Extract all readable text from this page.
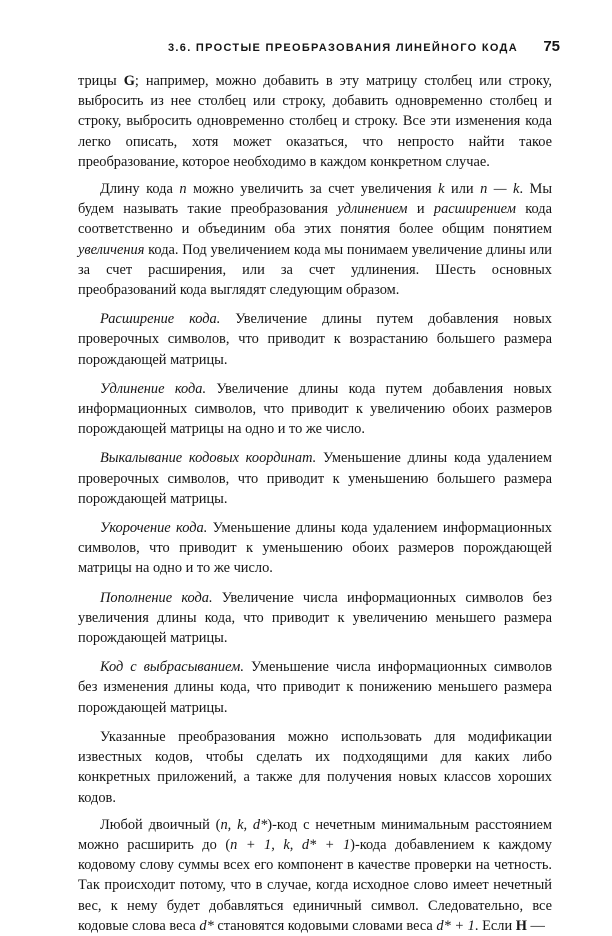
3.6. ПРОСТЫЕ ПРЕОБРАЗОВАНИЯ ЛИНЕЙНОГО КОДА 75

трицы G; например, можно добавить в эту матрицу столбец или строку, выбросить из нее столбец или строку, добавить одновременно столбец и строку, выбросить одновременно столбец и строку. Все эти изменения кода легко описать, хотя может оказаться, что непросто найти такое преобразование, которое необходимо в каждом конкретном случае.

Длину кода n можно увеличить за счет увеличения k или n — k. Мы будем называть такие преобразования удлинением и расширением кода соответственно и объединим оба этих понятия более общим понятием увеличения кода. Под увеличением кода мы понимаем увеличение длины или за счет расширения, или за счет удлинения. Шесть основных преобразований кода выглядят следующим образом.

Расширение кода. Увеличение длины путем добавления новых проверочных символов, что приводит к возрастанию большего размера порождающей матрицы.

Удлинение кода. Увеличение длины кода путем добавления новых информационных символов, что приводит к увеличению обоих размеров порождающей матрицы на одно и то же число.

Выкалывание кодовых координат. Уменьшение длины кода удалением проверочных символов, что приводит к уменьшению большего размера порождающей матрицы.

Укорочение кода. Уменьшение длины кода удалением информационных символов, что приводит к уменьшению обоих размеров порождающей матрицы на одно и то же число.

Пополнение кода. Увеличение числа информационных символов без увеличения длины кода, что приводит к увеличению меньшего размера порождающей матрицы.

Код с выбрасыванием. Уменьшение числа информационных символов без изменения длины кода, что приводит к понижению меньшего размера порождающей матрицы.

Указанные преобразования можно использовать для модификации известных кодов, чтобы сделать их подходящими для каких либо конкретных приложений, а также для получения новых классов хороших кодов.

Любой двоичный (n, k, d*)-код с нечетным минимальным расстоянием можно расширить до (n + 1, k, d* + 1)-кода добавлением к каждому кодовому слову суммы всех его компонент в качестве проверки на четность. Так происходит потому, что в случае, когда исходное слово имеет нечетный вес, к нему будет добавляться единичный символ. Следовательно, все кодовые слова веса d* становятся кодовыми словами веса d* + 1. Если H —
